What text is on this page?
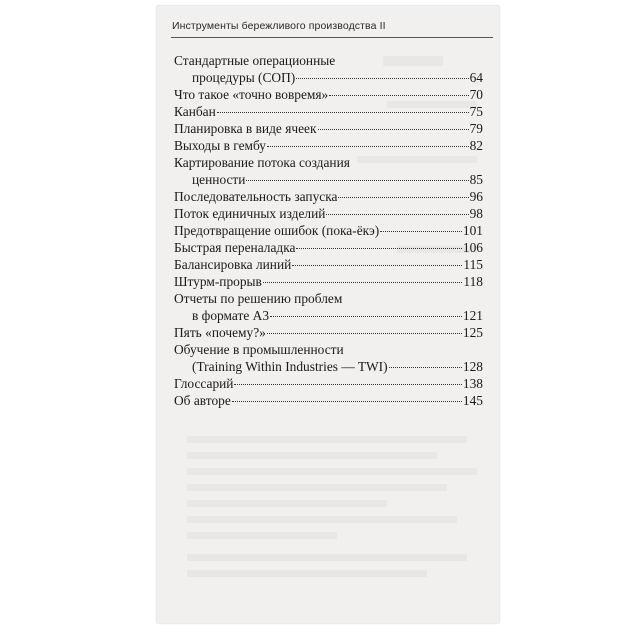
Инструменты бережливого производства II
Стандартные операционные
процедуры (СОП)	64
Что такое «точно вовремя»	70
Канбан	75
Планировка в виде ячеек	79
Выходы в гембу	82
Картирование потока создания
ценности	85
Последовательность запуска	96
Поток единичных изделий	98
Предотвращение ошибок (пока-ёкэ)	101
Быстрая переналадка	106
Балансировка линий	115
Штурм-прорыв	118
Отчеты по решению проблем
в формате А3	121
Пять «почему?»	125
Обучение в промышленности
(Training Within Industries — TWI)	128
Глоссарий	138
Об авторе	145
